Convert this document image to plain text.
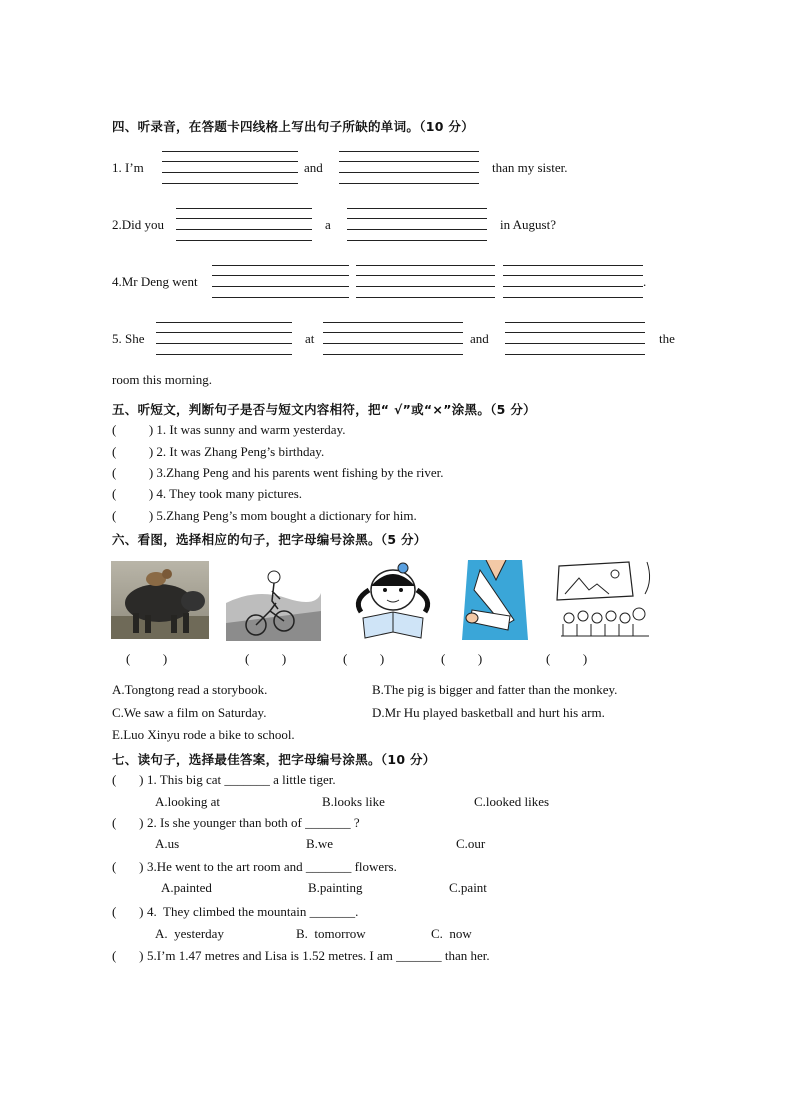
四、听录音，在答题卡四线格上写出句子所缺的单词。（10 分）
1. I’m	and	than my sister.
2.Did you	a	in August?
4.Mr Deng went	.
5. She	at	and	the
room this morning.
五、听短文，判断句子是否与短文内容相符，把“ √”或“×”涂黑。（5 分）
(          ) 1. It was sunny and warm yesterday.
(          ) 2. It was Zhang Peng’s birthday.
(          ) 3.Zhang Peng and his parents went fishing by the river.
(          ) 4. They took many pictures.
(          ) 5.Zhang Peng’s mom bought a dictionary for him.
六、看图，选择相应的句子，把字母编号涂黑。（5 分）
(          )	(          )	(          )	(          )	(          )
A.Tongtong read a storybook.	B.The pig is bigger and fatter than the monkey.
C.We saw a film on Saturday.	D.Mr Hu played basketball and hurt his arm.
E.Luo Xinyu rode a bike to school.
七、读句子，选择最佳答案，把字母编号涂黑。（10 分）
(       ) 1. This big cat _______ a little tiger.
A.looking at	B.looks like	C.looked likes
(       ) 2. Is she younger than both of _______ ?
A.us	B.we	C.our
(       ) 3.He went to the art room and _______ flowers.
A.painted	B.painting	C.paint
(       ) 4.  They climbed the mountain _______.
A.  yesterday	B.  tomorrow	C.  now
(       ) 5.I’m 1.47 metres and Lisa is 1.52 metres. I am _______ than her.
